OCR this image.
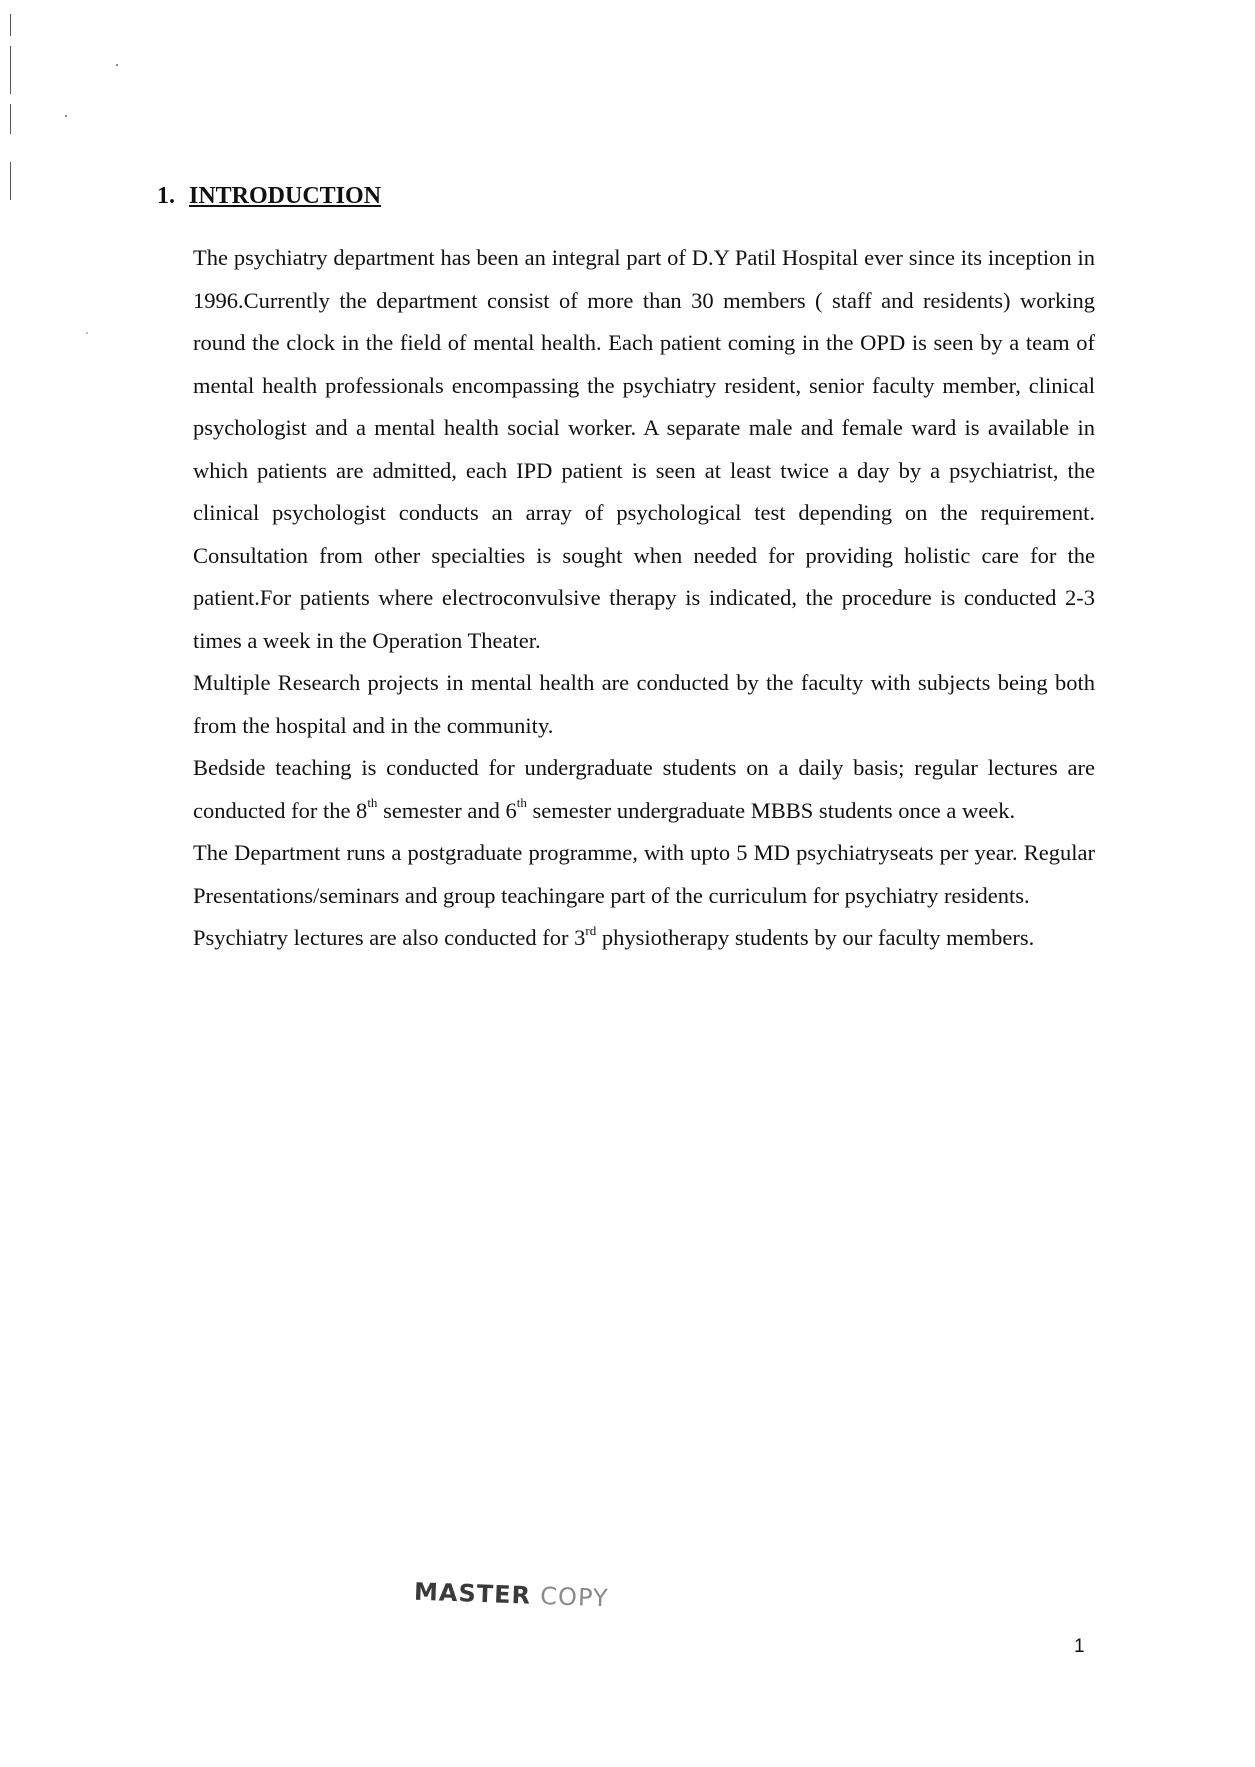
1. INTRODUCTION

The psychiatry department has been an integral part of D.Y Patil Hospital ever since its inception in 1996.Currently the department consist of more than 30 members ( staff and residents) working round the clock in the field of mental health. Each patient coming in the OPD is seen by a team of mental health professionals encompassing the psychiatry resident, senior faculty member, clinical psychologist and a mental health social worker. A separate male and female ward is available in which patients are admitted, each IPD patient is seen at least twice a day by a psychiatrist, the clinical psychologist conducts an array of psychological test depending on the requirement. Consultation from other specialties is sought when needed for providing holistic care for the patient.For patients where electroconvulsive therapy is indicated, the procedure is conducted 2-3 times a week in the Operation Theater.

Multiple Research projects in mental health are conducted by the faculty with subjects being both from the hospital and in the community.

Bedside teaching is conducted for undergraduate students on a daily basis; regular lectures are conducted for the 8th semester and 6th semester undergraduate MBBS students once a week.

The Department runs a postgraduate programme, with upto 5 MD psychiatryseats per year. Regular Presentations/seminars and group teachingare part of the curriculum for psychiatry residents.

Psychiatry lectures are also conducted for 3rd physiotherapy students by our faculty members.

MASTER COPY
1
